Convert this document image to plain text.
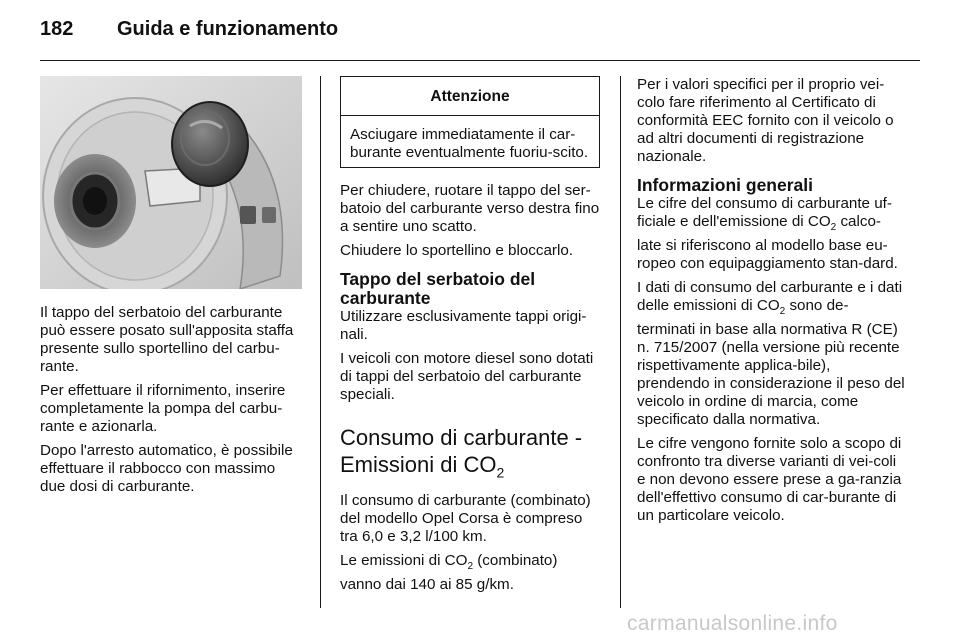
182 Guida e funzionamento

Il tappo del serbatoio del carburante può essere posato sull'apposita staffa presente sullo sportellino del carbu-rante.

Per effettuare il rifornimento, inserire completamente la pompa del carbu-rante e azionarla.

Dopo l'arresto automatico, è possibile effettuare il rabbocco con massimo due dosi di carburante.

Attenzione
Asciugare immediatamente il car-burante eventualmente fuoriu-scito.

Per chiudere, ruotare il tappo del ser-batoio del carburante verso destra fino a sentire uno scatto.

Chiudere lo sportellino e bloccarlo.

Tappo del serbatoio del carburante

Utilizzare esclusivamente tappi origi-nali.

I veicoli con motore diesel sono dotati di tappi del serbatoio del carburante speciali.

Consumo di carburante - Emissioni di $CO_2$

Il consumo di carburante (combinato) del modello Opel Corsa è compreso tra 6,0 e 3,2 l/100 km.

Le emissioni di $CO_2$ (combinato) vanno dai 140 ai 85 g/km.

Per i valori specifici per il proprio vei-colo fare riferimento al Certificato di conformità EEC fornito con il veicolo o ad altri documenti di registrazione nazionale.

Informazioni generali

Le cifre del consumo di carburante uf-ficiale e dell'emissione di $CO_2$ calco-late si riferiscono al modello base eu-ropeo con equipaggiamento stan-dard.

I dati di consumo del carburante e i dati delle emissioni di $CO_2$ sono de-terminati in base alla normativa R (CE) n. 715/2007 (nella versione più recente rispettivamente applica-bile), prendendo in considerazione il peso del veicolo in ordine di marcia, come specificato dalla normativa.

Le cifre vengono fornite solo a scopo di confronto tra diverse varianti di vei-coli e non devono essere prese a ga-ranzia dell'effettivo consumo di car-burante di un particolare veicolo.

carmanualsonline.info
